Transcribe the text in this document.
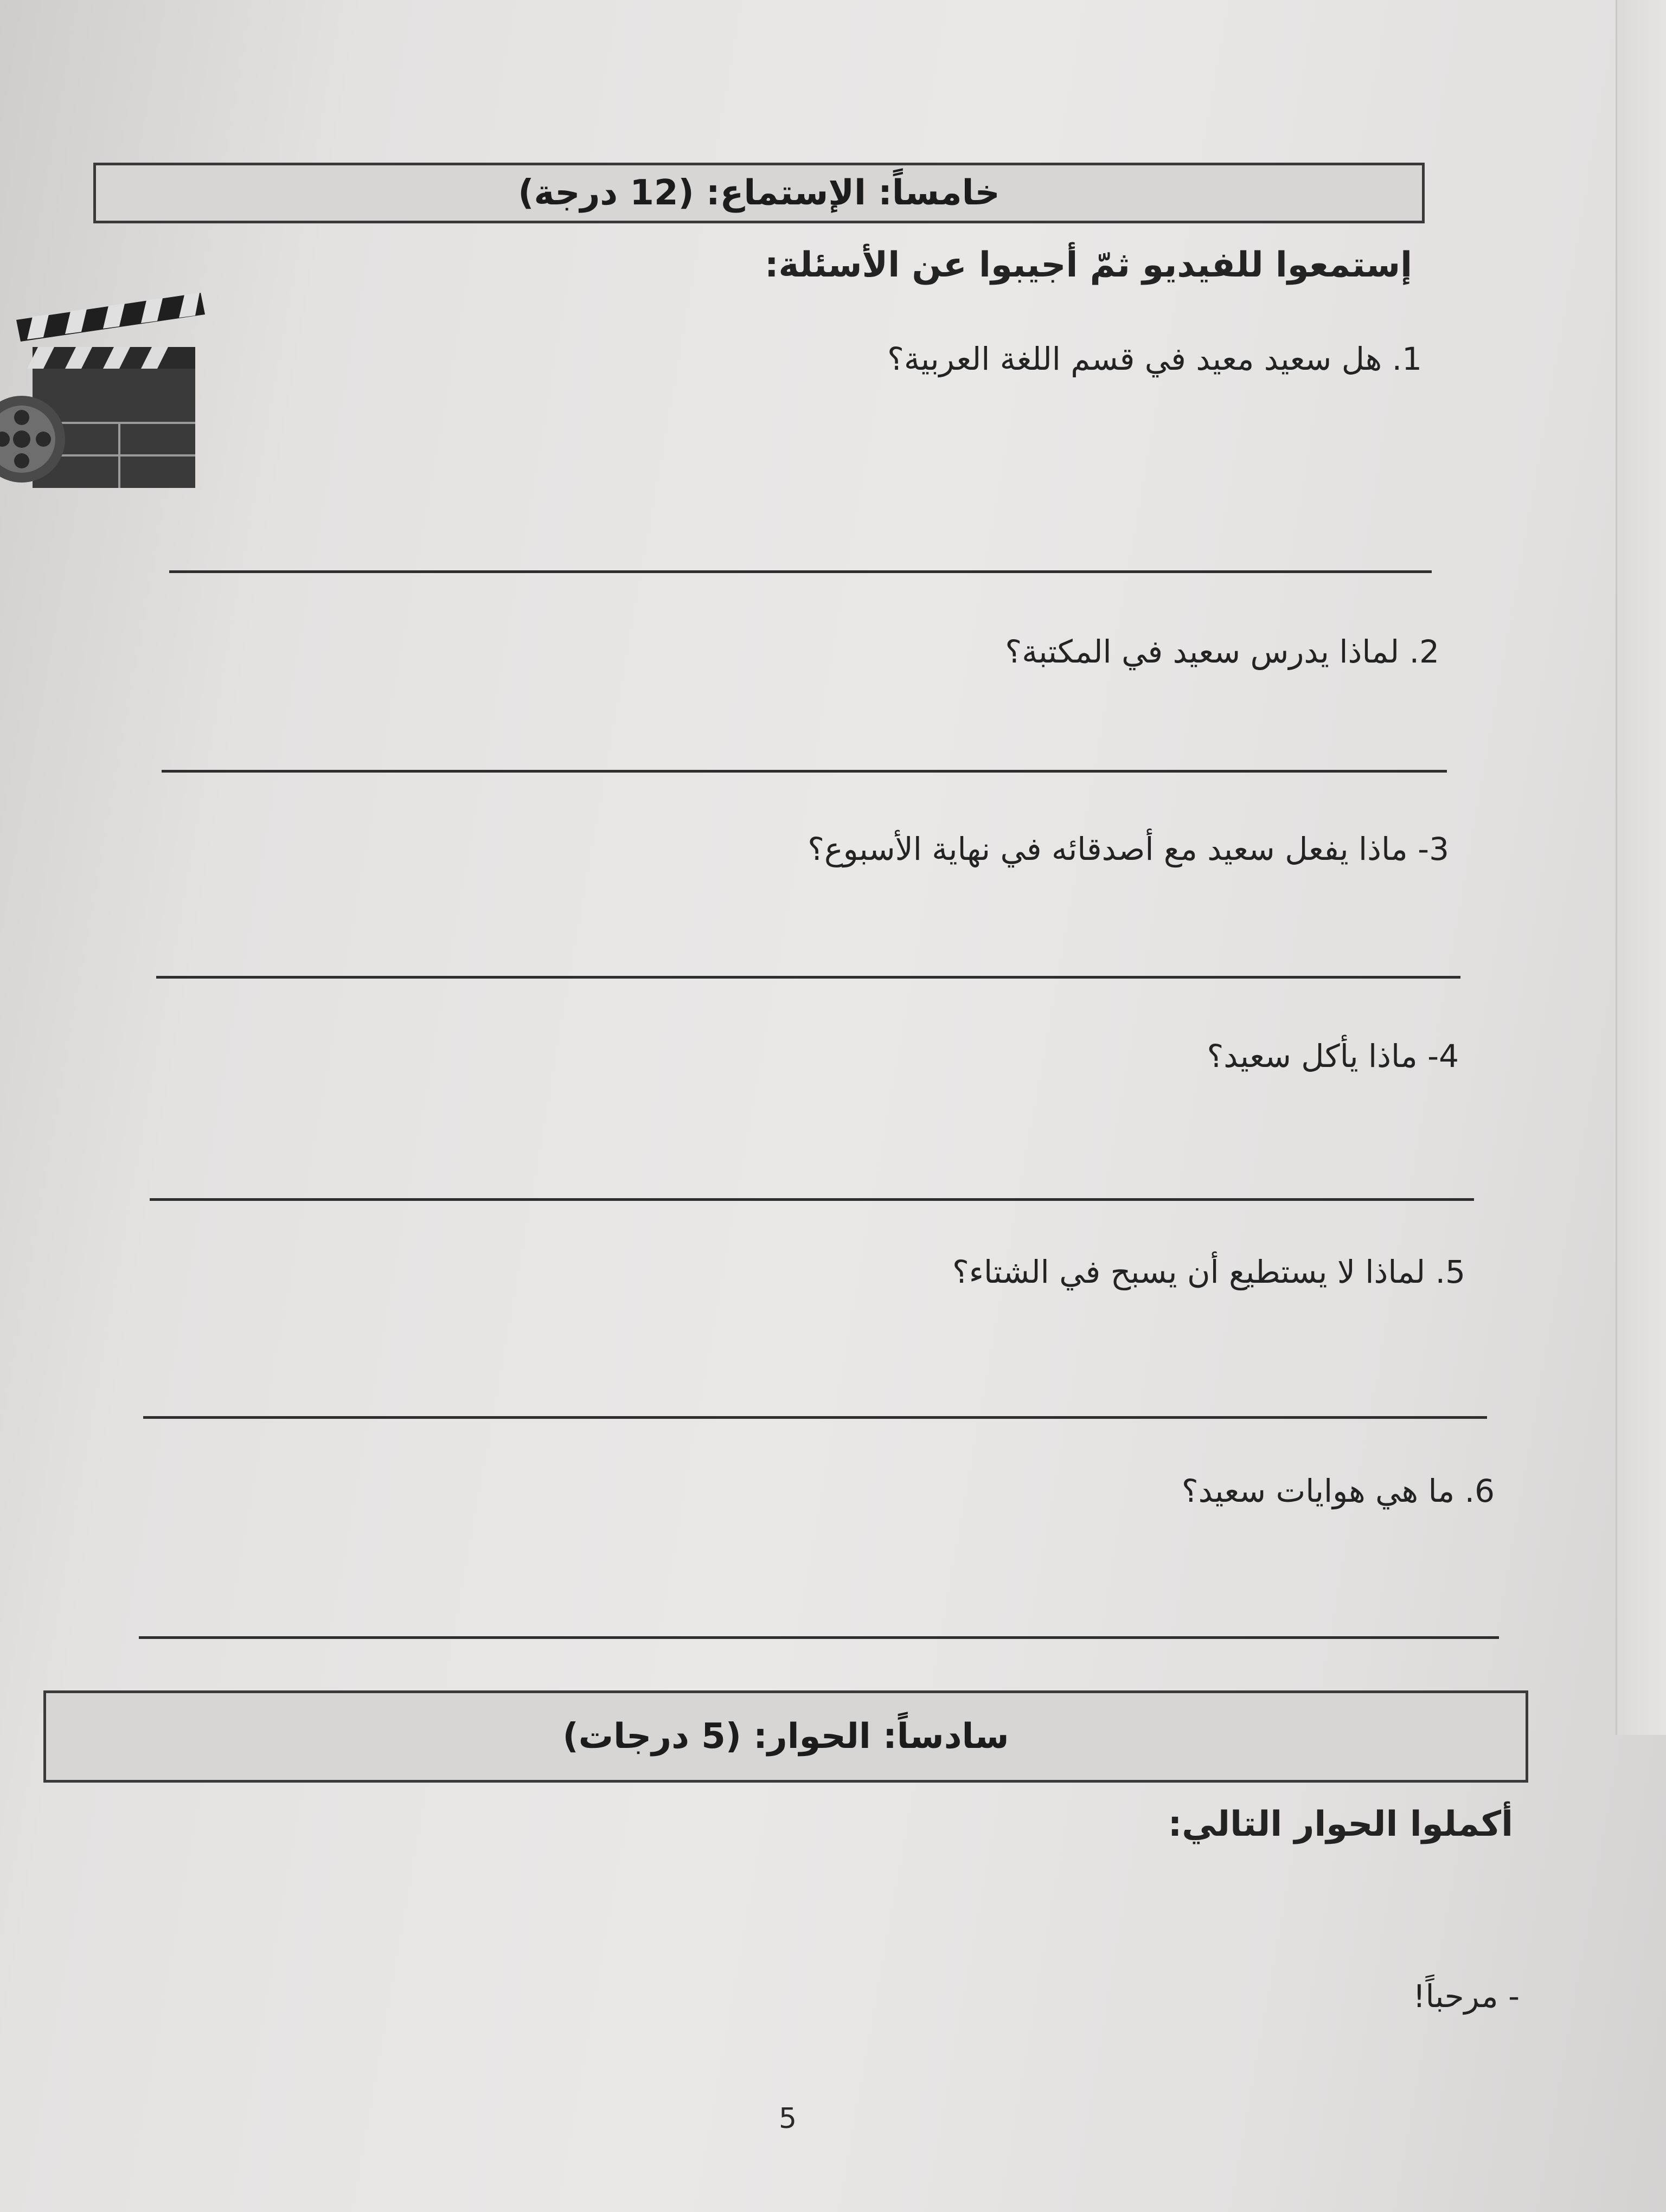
خامساً: الإستماع: (12 درجة)
إستمعوا للفيديو ثمّ أجيبوا عن الأسئلة:
1. هل سعيد معيد في قسم اللغة العربية؟
2. لماذا يدرس سعيد في المكتبة؟
3- ماذا يفعل سعيد مع أصدقائه في نهاية الأسبوع؟
4- ماذا يأكل سعيد؟
5. لماذا لا يستطيع أن يسبح في الشتاء؟
6. ما هي هوايات سعيد؟
سادساً: الحوار: (5 درجات)
أكملوا الحوار التالي:
- مرحباً!
5
